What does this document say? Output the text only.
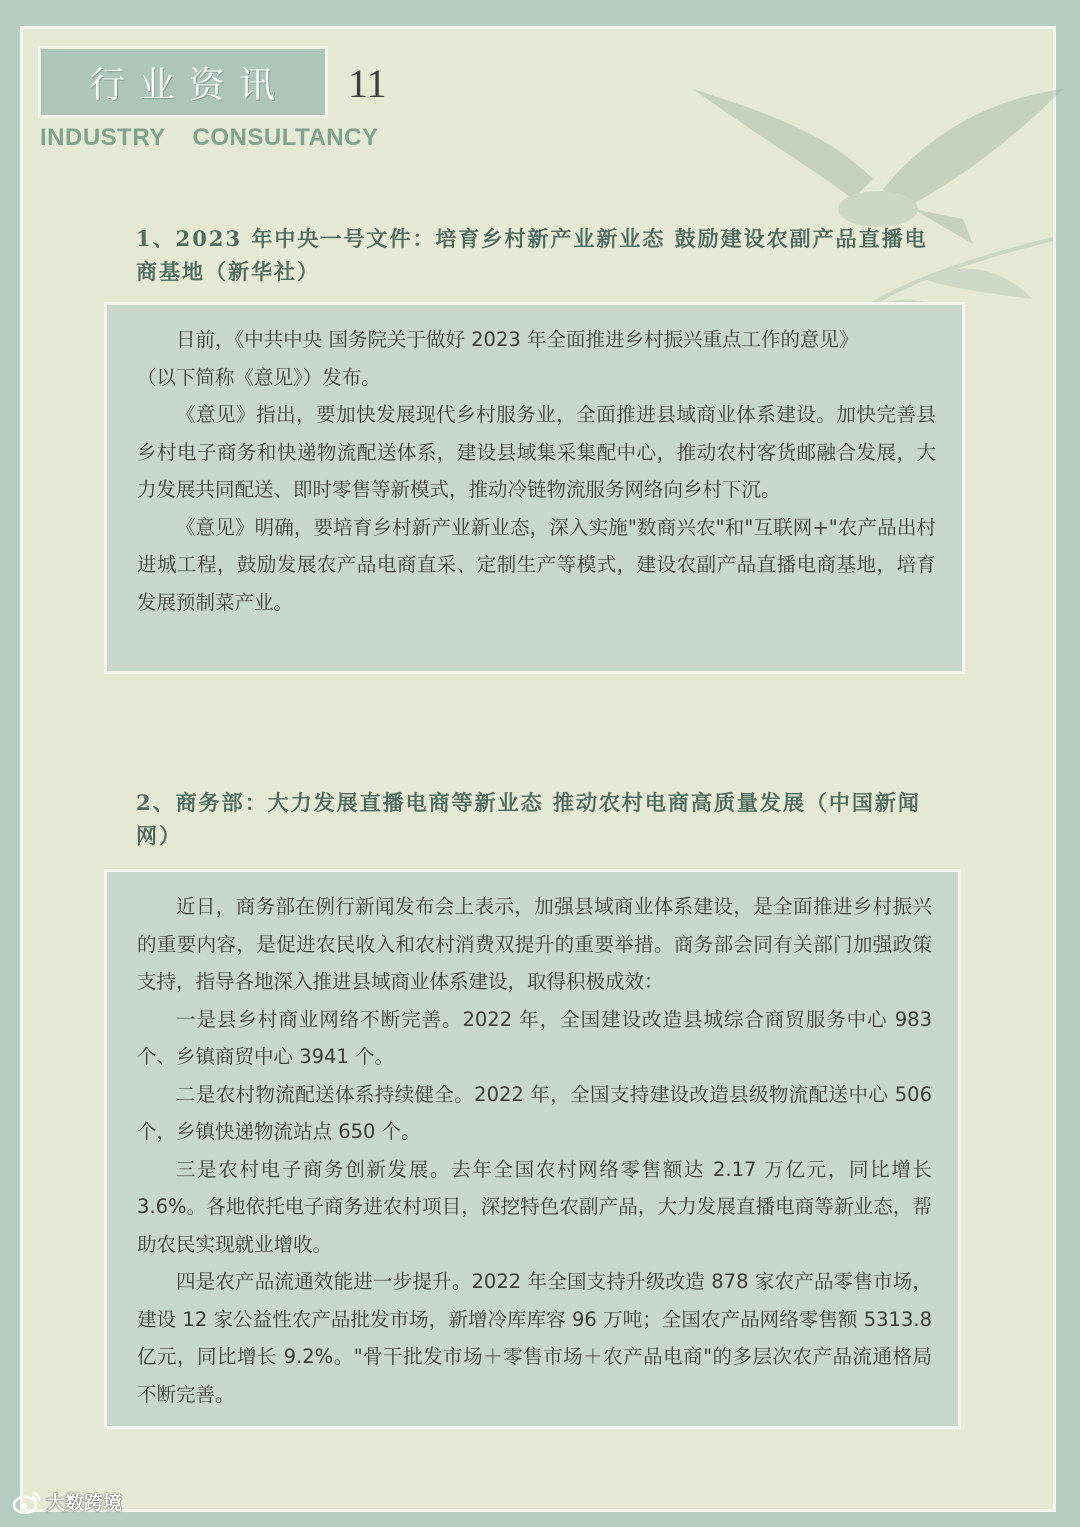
行业资讯 11
INDUSTRY CONSULTANCY
1、2023 年中央一号文件：培育乡村新产业新业态 鼓励建设农副产品直播电商基地（新华社）

日前，《中共中央 国务院关于做好 2023 年全面推进乡村振兴重点工作的意见》

（以下简称《意见》）发布。

《意见》指出，要加快发展现代乡村服务业，全面推进县域商业体系建设。加快完善县乡村电子商务和快递物流配送体系，建设县域集采集配中心，推动农村客货邮融合发展，大力发展共同配送、即时零售等新模式，推动冷链物流服务网络向乡村下沉。

《意见》明确，要培育乡村新产业新业态，深入实施"数商兴农"和"互联网+"农产品出村进城工程，鼓励发展农产品电商直采、定制生产等模式，建设农副产品直播电商基地，培育发展预制菜产业。

2、商务部：大力发展直播电商等新业态 推动农村电商高质量发展（中国新闻网）

近日，商务部在例行新闻发布会上表示，加强县域商业体系建设，是全面推进乡村振兴的重要内容，是促进农民收入和农村消费双提升的重要举措。商务部会同有关部门加强政策支持，指导各地深入推进县域商业体系建设，取得积极成效：

一是县乡村商业网络不断完善。2022 年，全国建设改造县城综合商贸服务中心 983 个、乡镇商贸中心 3941 个。

二是农村物流配送体系持续健全。2022 年，全国支持建设改造县级物流配送中心 506 个，乡镇快递物流站点 650 个。

三是农村电子商务创新发展。去年全国农村网络零售额达 2.17 万亿元，同比增长 3.6%。各地依托电子商务进农村项目，深挖特色农副产品，大力发展直播电商等新业态，帮助农民实现就业增收。

四是农产品流通效能进一步提升。2022 年全国支持升级改造 878 家农产品零售市场，建设 12 家公益性农产品批发市场，新增冷库库容 96 万吨；全国农产品网络零售额 5313.8 亿元，同比增长 9.2%。"骨干批发市场＋零售市场＋农产品电商"的多层次农产品流通格局不断完善。

大数跨境
